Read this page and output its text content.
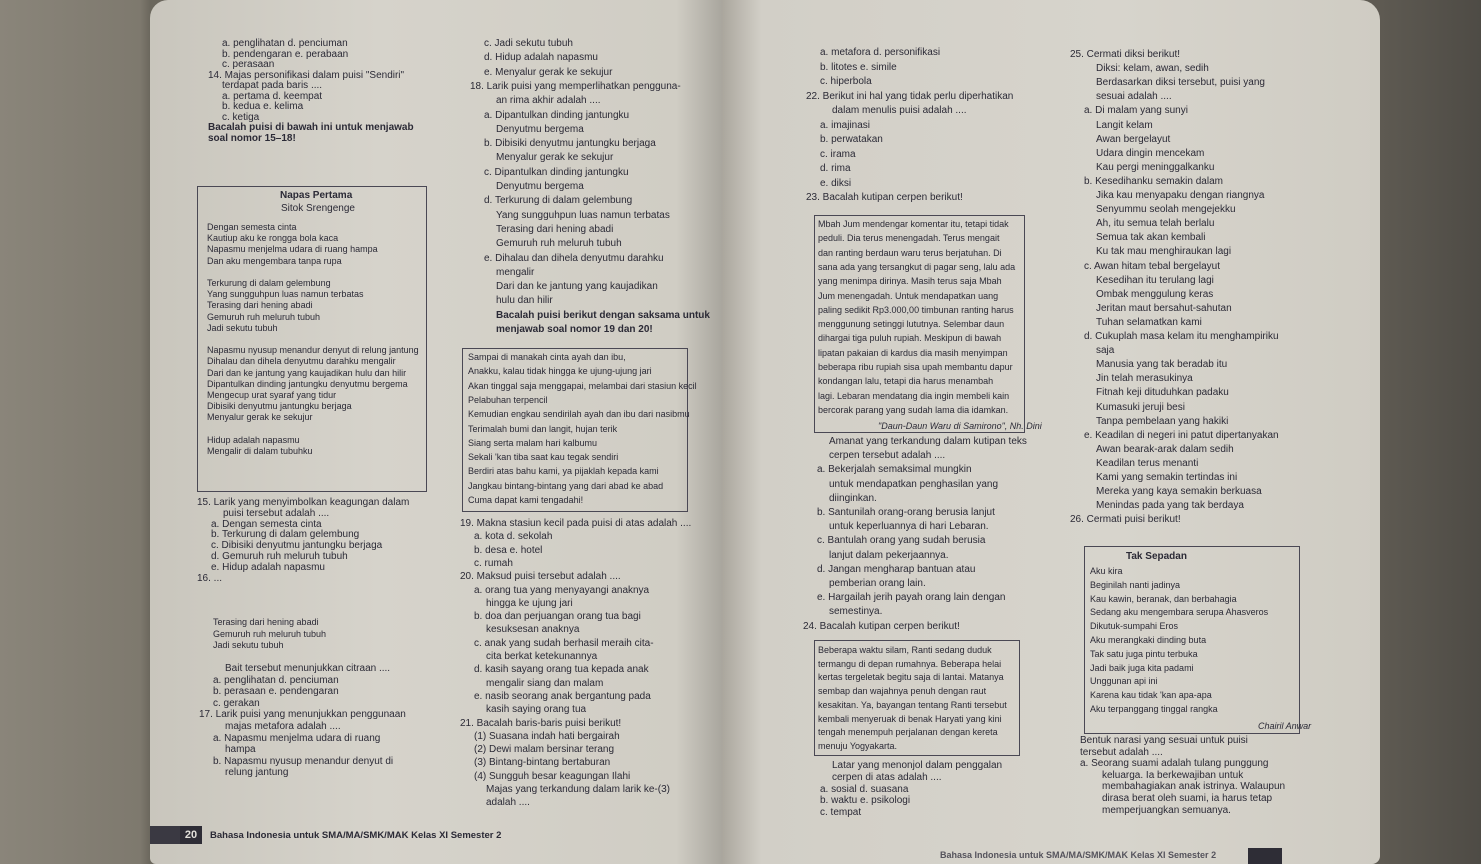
a. penglihatan d. penciuman
b. pendengaran e. perabaan
c. perasaan
14. Majas personifikasi dalam puisi "Sendiri"
terdapat pada baris ....
a. pertama d. keempat
b. kedua e. kelima
c. ketiga
Bacalah puisi di bawah ini untuk menjawab
soal nomor 15–18!
Napas Pertama
Sitok Srengenge
Dengan semesta cinta
Kautiup aku ke rongga bola kaca
Napasmu menjelma udara di ruang hampa
Dan aku mengembara tanpa rupa
Terkurung di dalam gelembung
Yang sungguhpun luas namun terbatas
Terasing dari hening abadi
Gemuruh ruh meluruh tubuh
Jadi sekutu tubuh
Napasmu nyusup menandur denyut di relung jantung
Dihalau dan dihela denyutmu darahku mengalir
Dari dan ke jantung yang kaujadikan hulu dan hilir
Dipantulkan dinding jantungku denyutmu bergema
Mengecup urat syaraf yang tidur
Dibisiki denyutmu jantungku berjaga
Menyalur gerak ke sekujur
Hidup adalah napasmu
Mengalir di dalam tubuhku
15. Larik yang menyimbolkan keagungan dalam
puisi tersebut adalah ....
a. Dengan semesta cinta
b. Terkurung di dalam gelembung
c. Dibisiki denyutmu jantungku berjaga
d. Gemuruh ruh meluruh tubuh
e. Hidup adalah napasmu
16. ...
Terasing dari hening abadi
Gemuruh ruh meluruh tubuh
Jadi sekutu tubuh
Bait tersebut menunjukkan citraan ....
a. penglihatan d. penciuman
b. perasaan e. pendengaran
c. gerakan
17. Larik puisi yang menunjukkan penggunaan
majas metafora adalah ....
a. Napasmu menjelma udara di ruang
hampa
b. Napasmu nyusup menandur denyut di
relung jantung
c. Jadi sekutu tubuh
d. Hidup adalah napasmu
e. Menyalur gerak ke sekujur
18. Larik puisi yang memperlihatkan pengguna-
an rima akhir adalah ....
a. Dipantulkan dinding jantungku
Denyutmu bergema
b. Dibisiki denyutmu jantungku berjaga
Menyalur gerak ke sekujur
c. Dipantulkan dinding jantungku
Denyutmu bergema
d. Terkurung di dalam gelembung
Yang sungguhpun luas namun terbatas
Terasing dari hening abadi
Gemuruh ruh meluruh tubuh
e. Dihalau dan dihela denyutmu darahku
mengalir
Dari dan ke jantung yang kaujadikan
hulu dan hilir
Bacalah puisi berikut dengan saksama untuk
menjawab soal nomor 19 dan 20!
Sampai di manakah cinta ayah dan ibu,
Anakku, kalau tidak hingga ke ujung-ujung jari
Akan tinggal saja menggapai, melambai dari stasiun kecil
Pelabuhan terpencil
Kemudian engkau sendirilah ayah dan ibu dari nasibmu
Terimalah bumi dan langit, hujan terik
Siang serta malam hari kalbumu
Sekali 'kan tiba saat kau tegak sendiri
Berdiri atas bahu kami, ya pijaklah kepada kami
Jangkau bintang-bintang yang dari abad ke abad
Cuma dapat kami tengadahi!
19. Makna stasiun kecil pada puisi di atas adalah ....
a. kota d. sekolah
b. desa e. hotel
c. rumah
20. Maksud puisi tersebut adalah ....
a. orang tua yang menyayangi anaknya
hingga ke ujung jari
b. doa dan perjuangan orang tua bagi
kesuksesan anaknya
c. anak yang sudah berhasil meraih cita-
cita berkat ketekunannya
d. kasih sayang orang tua kepada anak
mengalir siang dan malam
e. nasib seorang anak bergantung pada
kasih saying orang tua
21. Bacalah baris-baris puisi berikut!
(1) Suasana indah hati bergairah
(2) Dewi malam bersinar terang
(3) Bintang-bintang bertaburan
(4) Sungguh besar keagungan Ilahi
Majas yang terkandung dalam larik ke-(3)
adalah ....
20	Bahasa Indonesia untuk SMA/MA/SMK/MAK Kelas XI Semester 2
a. metafora d. personifikasi
b. litotes e. simile
c. hiperbola
22. Berikut ini hal yang tidak perlu diperhatikan
dalam menulis puisi adalah ....
a. imajinasi
b. perwatakan
c. irama
d. rima
e. diksi
23. Bacalah kutipan cerpen berikut!
Mbah Jum mendengar komentar itu, tetapi tidak
peduli. Dia terus menengadah. Terus mengait
dan ranting berdaun waru terus berjatuhan. Di
sana ada yang tersangkut di pagar seng, lalu ada
yang menimpa dirinya. Masih terus saja Mbah
Jum menengadah. Untuk mendapatkan uang
paling sedikit Rp3.000,00 timbunan ranting harus
menggunung setinggi lututnya. Selembar daun
dihargai tiga puluh rupiah. Meskipun di bawah
lipatan pakaian di kardus dia masih menyimpan
beberapa ribu rupiah sisa upah membantu dapur
kondangan lalu, tetapi dia harus menambah
lagi. Lebaran mendatang dia ingin membeli kain
bercorak parang yang sudah lama dia idamkan.
"Daun-Daun Waru di Samirono", Nh. Dini
Amanat yang terkandung dalam kutipan teks
cerpen tersebut adalah ....
a. Bekerjalah semaksimal mungkin
untuk mendapatkan penghasilan yang
diinginkan.
b. Santunilah orang-orang berusia lanjut
untuk keperluannya di hari Lebaran.
c. Bantulah orang yang sudah berusia
lanjut dalam pekerjaannya.
d. Jangan mengharap bantuan atau
pemberian orang lain.
e. Hargailah jerih payah orang lain dengan
semestinya.
24. Bacalah kutipan cerpen berikut!
Beberapa waktu silam, Ranti sedang duduk
termangu di depan rumahnya. Beberapa helai
kertas tergeletak begitu saja di lantai. Matanya
sembap dan wajahnya penuh dengan raut
kesakitan. Ya, bayangan tentang Ranti tersebut
kembali menyeruak di benak Haryati yang kini
tengah menempuh perjalanan dengan kereta
menuju Yogyakarta.
Latar yang menonjol dalam penggalan
cerpen di atas adalah ....
a. sosial d. suasana
b. waktu e. psikologi
c. tempat
25. Cermati diksi berikut!
Diksi: kelam, awan, sedih
Berdasarkan diksi tersebut, puisi yang
sesuai adalah ....
a. Di malam yang sunyi
Langit kelam
Awan bergelayut
Udara dingin mencekam
Kau pergi meninggalkanku
b. Kesedihanku semakin dalam
Jika kau menyapaku dengan riangnya
Senyummu seolah mengejekku
Ah, itu semua telah berlalu
Semua tak akan kembali
Ku tak mau menghiraukan lagi
c. Awan hitam tebal bergelayut
Kesedihan itu terulang lagi
Ombak menggulung keras
Jeritan maut bersahut-sahutan
Tuhan selamatkan kami
d. Cukuplah masa kelam itu menghampiriku
saja
Manusia yang tak beradab itu
Jin telah merasukinya
Fitnah keji dituduhkan padaku
Kumasuki jeruji besi
Tanpa pembelaan yang hakiki
e. Keadilan di negeri ini patut dipertanyakan
Awan bearak-arak dalam sedih
Keadilan terus menanti
Kami yang semakin tertindas ini
Mereka yang kaya semakin berkuasa
Menindas pada yang tak berdaya
26. Cermati puisi berikut!
Tak Sepadan
Aku kira
Beginilah nanti jadinya
Kau kawin, beranak, dan berbahagia
Sedang aku mengembara serupa Ahasveros
Dikutuk-sumpahi Eros
Aku merangkaki dinding buta
Tak satu juga pintu terbuka
Jadi baik juga kita padami
Unggunan api ini
Karena kau tidak 'kan apa-apa
Aku terpanggang tinggal rangka
Chairil Anwar
Bentuk narasi yang sesuai untuk puisi
tersebut adalah ....
a. Seorang suami adalah tulang punggung
keluarga. Ia berkewajiban untuk
membahagiakan anak istrinya. Walaupun
dirasa berat oleh suami, ia harus tetap
memperjuangkan semuanya.
Bahasa Indonesia untuk SMA/MA/SMK/MAK Kelas XI Semester 2
